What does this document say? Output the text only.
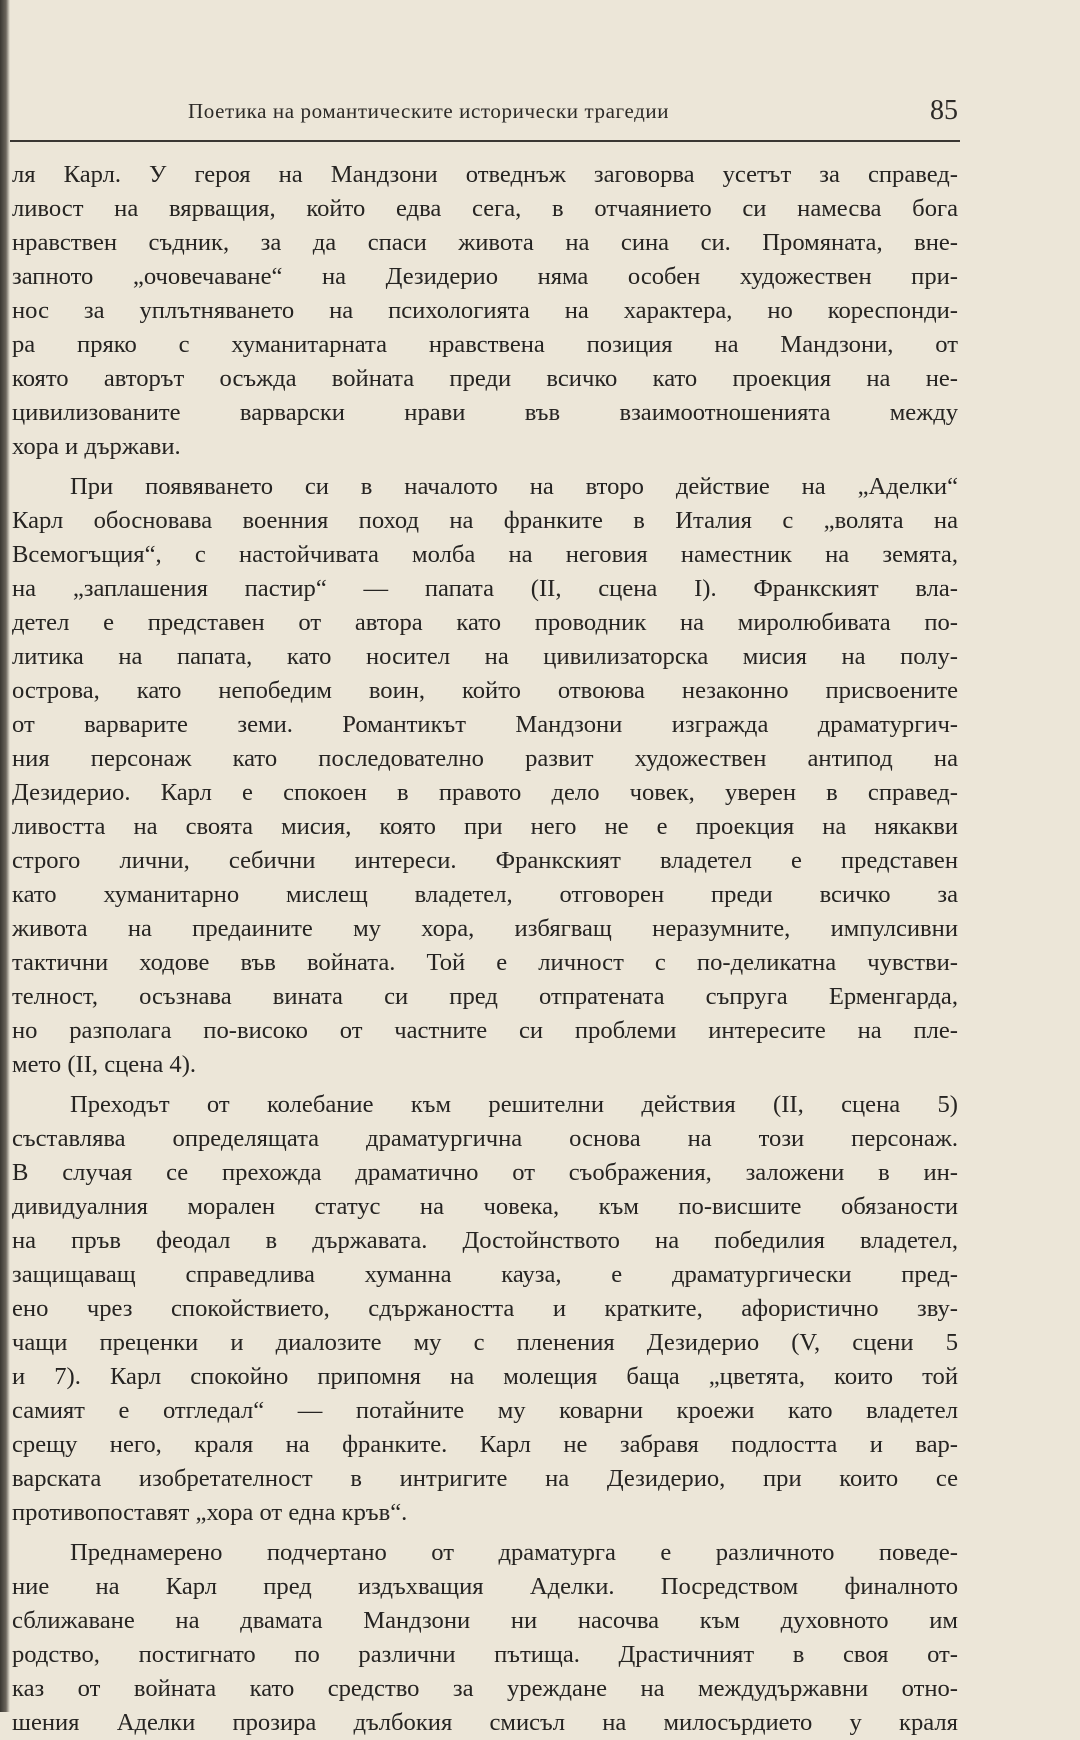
Поетика на романтическите исторически трагедии	85
ля Карл. У героя на Мандзони отведнъж заговорва усетът за справед-
ливост на вярващия, който едва сега, в отчаянието си намесва бога
нравствен съдник, за да спаси живота на сина си. Промяната, вне-
запното „очовечаване“ на Дезидерио няма особен художествен при-
нос за уплътняването на психологията на характера, но кореспонди-
ра пряко с хуманитарната нравствена позиция на Мандзони, от
която авторът осъжда войната преди всичко като проекция на не-
цивилизованите варварски нрави във взаимоотношенията между
хора и държави.
При появяването си в началото на второ действие на „Аделки“
Карл обосновава военния поход на франките в Италия с „волята на
Всемогъщия“, с настойчивата молба на неговия наместник на земята,
на „заплашения пастир“ — папата (II, сцена I). Франкският вла-
детел е представен от автора като проводник на миролюбивата по-
литика на папата, като носител на цивилизаторска мисия на полу-
острова, като непобедим воин, който отвоюва незаконно присвоените
от варварите земи. Романтикът Мандзони изгражда драматургич-
ния персонаж като последователно развит художествен антипод на
Дезидерио. Карл е спокоен в правото дело човек, уверен в справед-
ливостта на своята мисия, която при него не е проекция на някакви
строго лични, себични интереси. Франкският владетел е представен
като хуманитарно мислещ владетел, отговорен преди всичко за
живота на предаините му хора, избягващ неразумните, импулсивни
тактични ходове във войната. Той е личност с по-деликатна чувстви-
телност, осъзнава вината си пред отпратената съпруга Ерменгарда,
но разполага по-високо от частните си проблеми интересите на пле-
мето (II, сцена 4).
Преходът от колебание към решителни действия (II, сцена 5)
съставлява определящата драматургична основа на този персонаж.
В случая се прехожда драматично от съображения, заложени в ин-
дивидуалния морален статус на човека, към по-висшите обязаности
на пръв феодал в държавата. Достойнството на победилия владетел,
защищаващ справедлива хуманна кауза, е драматургически пред-
ено чрез спокойствието, сдържаността и кратките, афористично зву-
чащи преценки и диалозите му с пленения Дезидерио (V, сцени 5
и 7). Карл спокойно припомня на молещия баща „цветята, които той
самият е отгледал“ — потайните му коварни кроежи като владетел
срещу него, краля на франките. Карл не забравя подлостта и вар-
варската изобретателност в интригите на Дезидерио, при които се
противопоставят „хора от една кръв“.
Преднамерено подчертано от драматурга е различното поведе-
ние на Карл пред издъхващия Аделки. Посредством финалното
сближаване на двамата Мандзони ни насочва към духовното им
родство, постигнато по различни пътища. Драстичният в своя от-
каз от войната като средство за уреждане на междудържавни отно-
шения Аделки прозира дълбокия смисъл на милосърдието у краля
